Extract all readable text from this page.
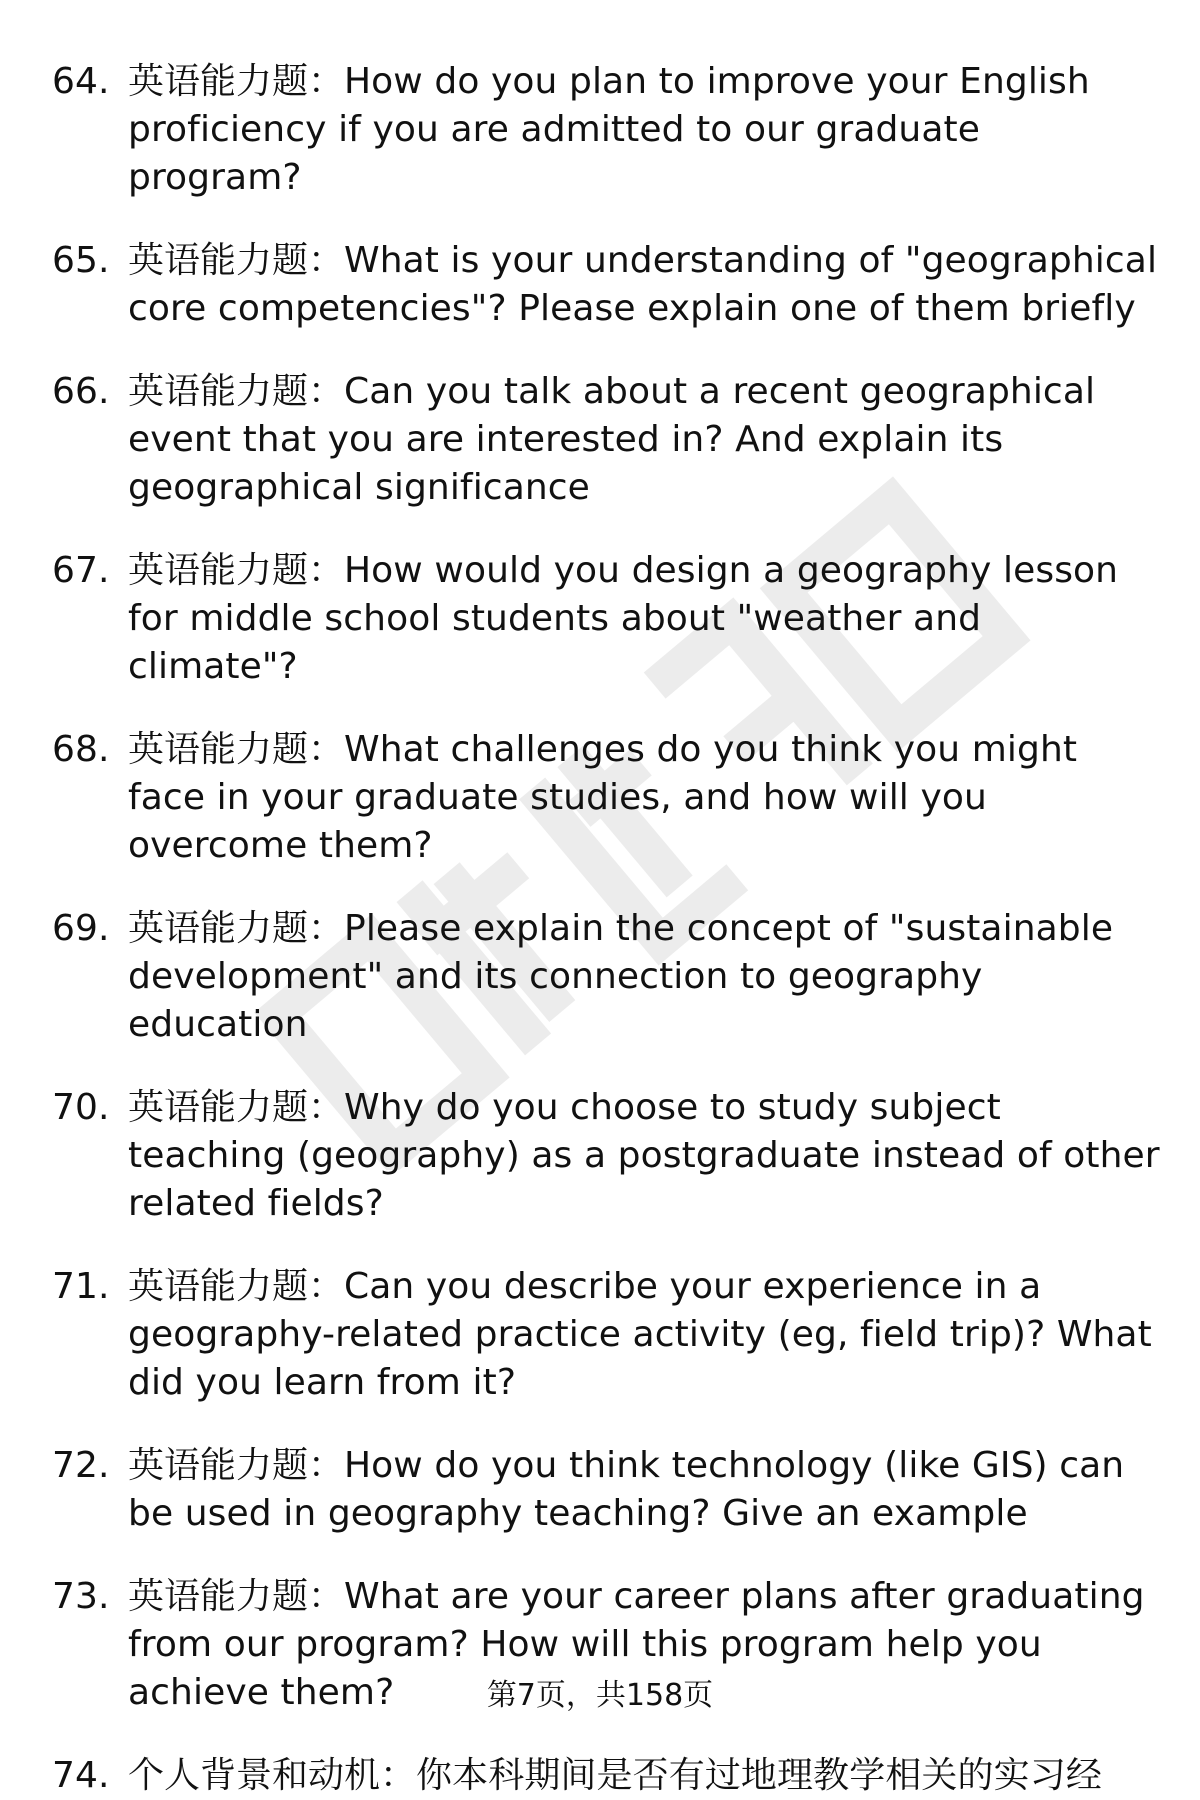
64. 英语能力题：How do you plan to improve your English proficiency if you are admitted to our graduate program?
65. 英语能力题：What is your understanding of "geographical core competencies"? Please explain one of them briefly
66. 英语能力题：Can you talk about a recent geographical event that you are interested in? And explain its geographical significance
67. 英语能力题：How would you design a geography lesson for middle school students about "weather and climate"?
68. 英语能力题：What challenges do you think you might face in your graduate studies, and how will you overcome them?
69. 英语能力题：Please explain the concept of "sustainable development" and its connection to geography education
70. 英语能力题：Why do you choose to study subject teaching (geography) as a postgraduate instead of other related fields?
71. 英语能力题：Can you describe your experience in a geography-related practice activity (eg, field trip)? What did you learn from it?
72. 英语能力题：How do you think technology (like GIS) can be used in geography teaching? Give an example
73. 英语能力题：What are your career plans after graduating from our program? How will this program help you achieve them?
74. 个人背景和动机：你本科期间是否有过地理教学相关的实习经
第7页，共158页
